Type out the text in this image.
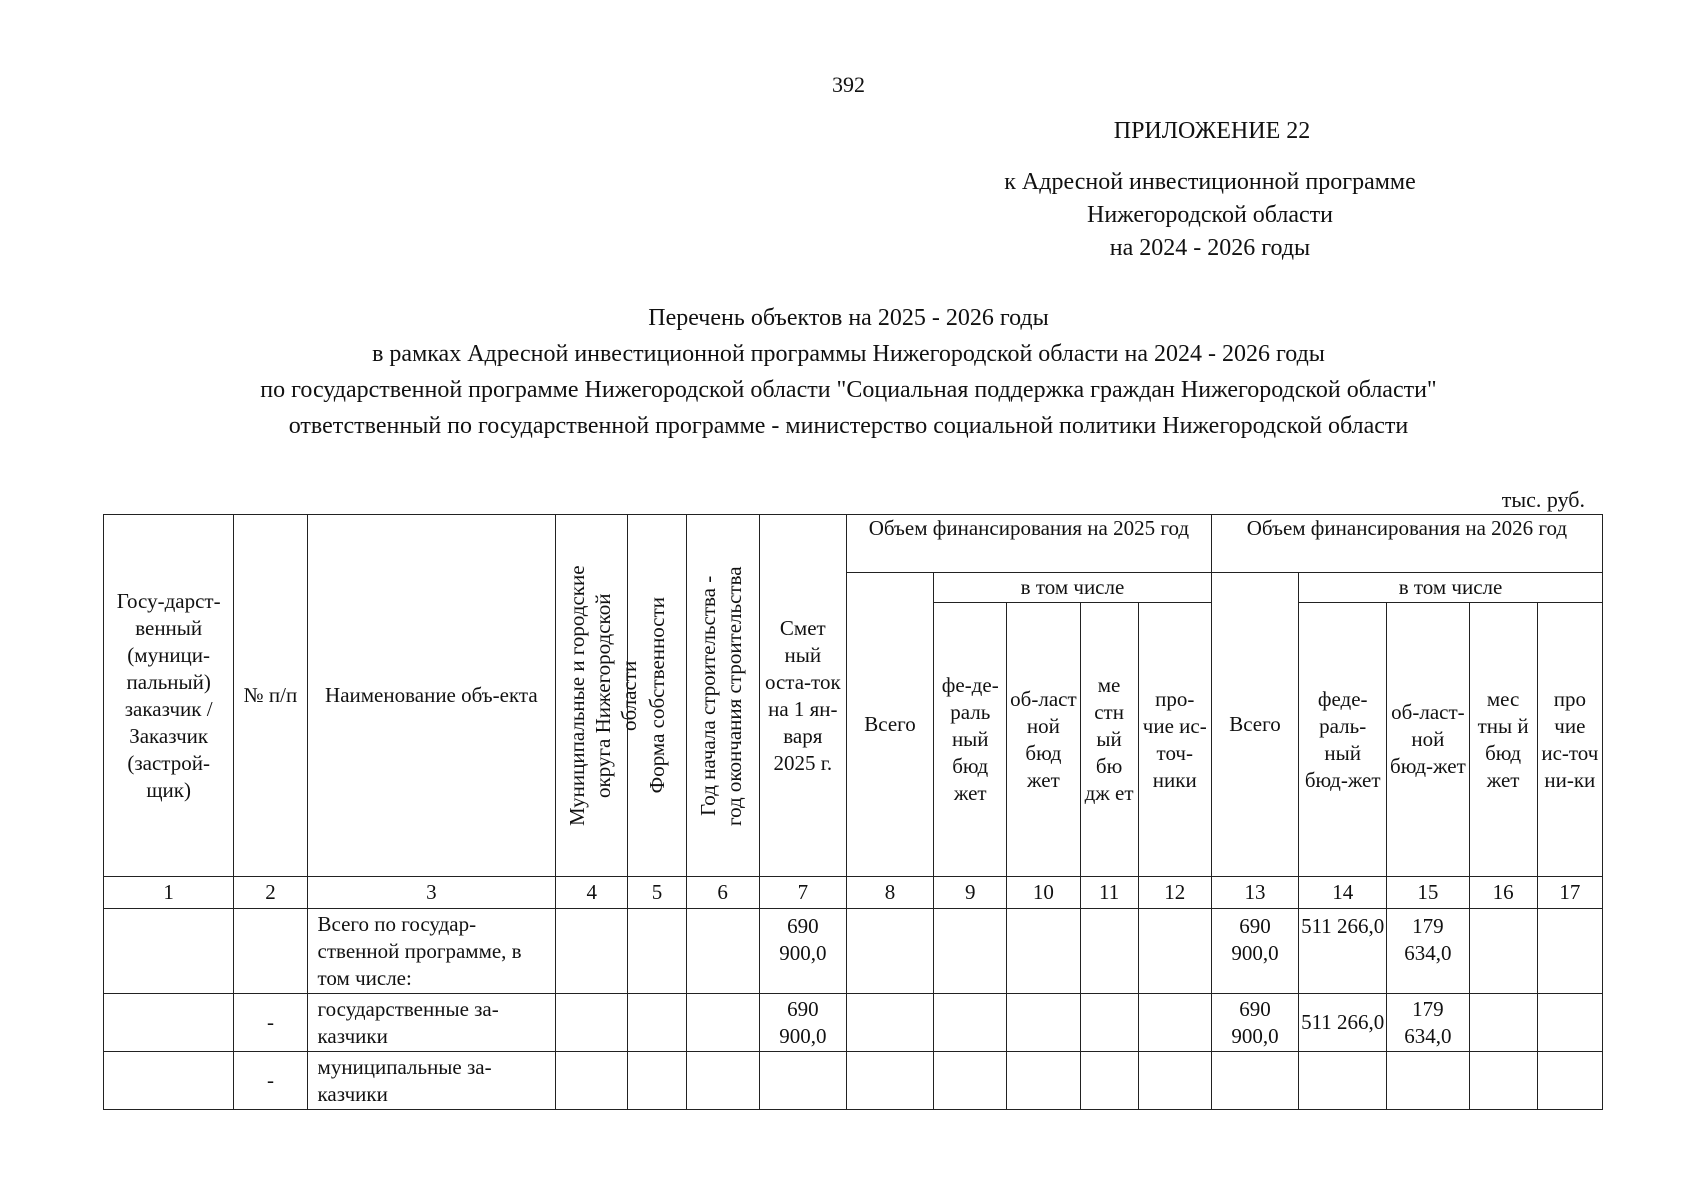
392
ПРИЛОЖЕНИЕ 22
к Адресной инвестиционной программе
Нижегородской области
на 2024 - 2026 годы
Перечень объектов на 2025 - 2026 годы
в рамках Адресной инвестиционной программы Нижегородской области на 2024 - 2026 годы
по государственной программе Нижегородской области "Социальная поддержка граждан Нижегородской области"
ответственный по государственной программе - министерство социальной политики Нижегородской области
тыс. руб.
Госу-дарст-венный (муници-пальный) заказчик / Заказчик (застрой-щик)	№ п/п	Наименование объ-екта	Муниципальные и городские округа Нижегородской области	Форма собственности	Год начала строительства - год окончания строительства	Смет ный оста-ток на 1 ян-варя 2025 г.	Объем финансирования на 2025 год					Объем финансирования на 2026 год				
							Всего	в том числе				Всего	в том числе			
								фе-де-раль ный бюд жет	об-ласт ной бюд жет	ме стн ый бю дж ет	про-чие ис-точ-ники		феде-раль-ный бюд-жет	об-ласт-ной бюд-жет	мес тны й бюд жет	про чие ис-точ ни-ки

1	2	3	4	5	6	7	8	9	10	11	12	13	14	15	16	17
		Всего по государ-ственной программе, в том числе:				690 900,0						690 900,0	511 266,0	179 634,0		
	-	государственные за-казчики				690 900,0						690 900,0	511 266,0	179 634,0		
	-	муниципальные за-казчики														
